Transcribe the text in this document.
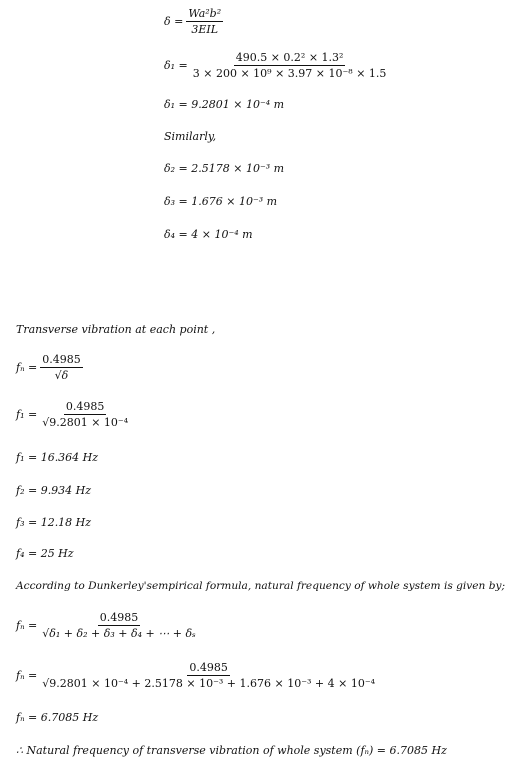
$\delta = \frac{\text{Wa²b²}}{\text{3EIL}}$
$\delta_1 = \frac{\text{490.5 × 0.2² × 1.3²}}{\text{3 × 200 × 10⁹ × 3.97 × 10⁻⁸ × 1.5}}$
δ₁ = 9.2801 × 10⁻⁴ m
Similarly,
δ₂ = 2.5178 × 10⁻³ m
δ₃ = 1.676 × 10⁻³ m
δ₄ = 4 × 10⁻⁴ m
Transverse vibration at each point ,
$f_n = \frac{0.4985}{√\delta}$
$f_1 = \frac{0.4985}{\text{√9.2801 × 10⁻⁴}}$
f₁ = 16.364 Hz
f₂ = 9.934 Hz
f₃ = 12.18 Hz
f₄ = 25 Hz
According to Dunkerley'sempirical formula, natural frequency of whole system is given by;
$f_n = \frac{0.4985}{\text{√δ₁ + δ₂ + δ₃ + δ₄ + ⋯ + δₛ}}$
$f_n = \frac{0.4985}{\text{√9.2801 × 10⁻⁴ + 2.5178 × 10⁻³ + 1.676 × 10⁻³ + 4 × 10⁻⁴}}$
fₙ = 6.7085 Hz
∴ Natural frequency of transverse vibration of whole system (fₙ) = 6.7085 Hz
